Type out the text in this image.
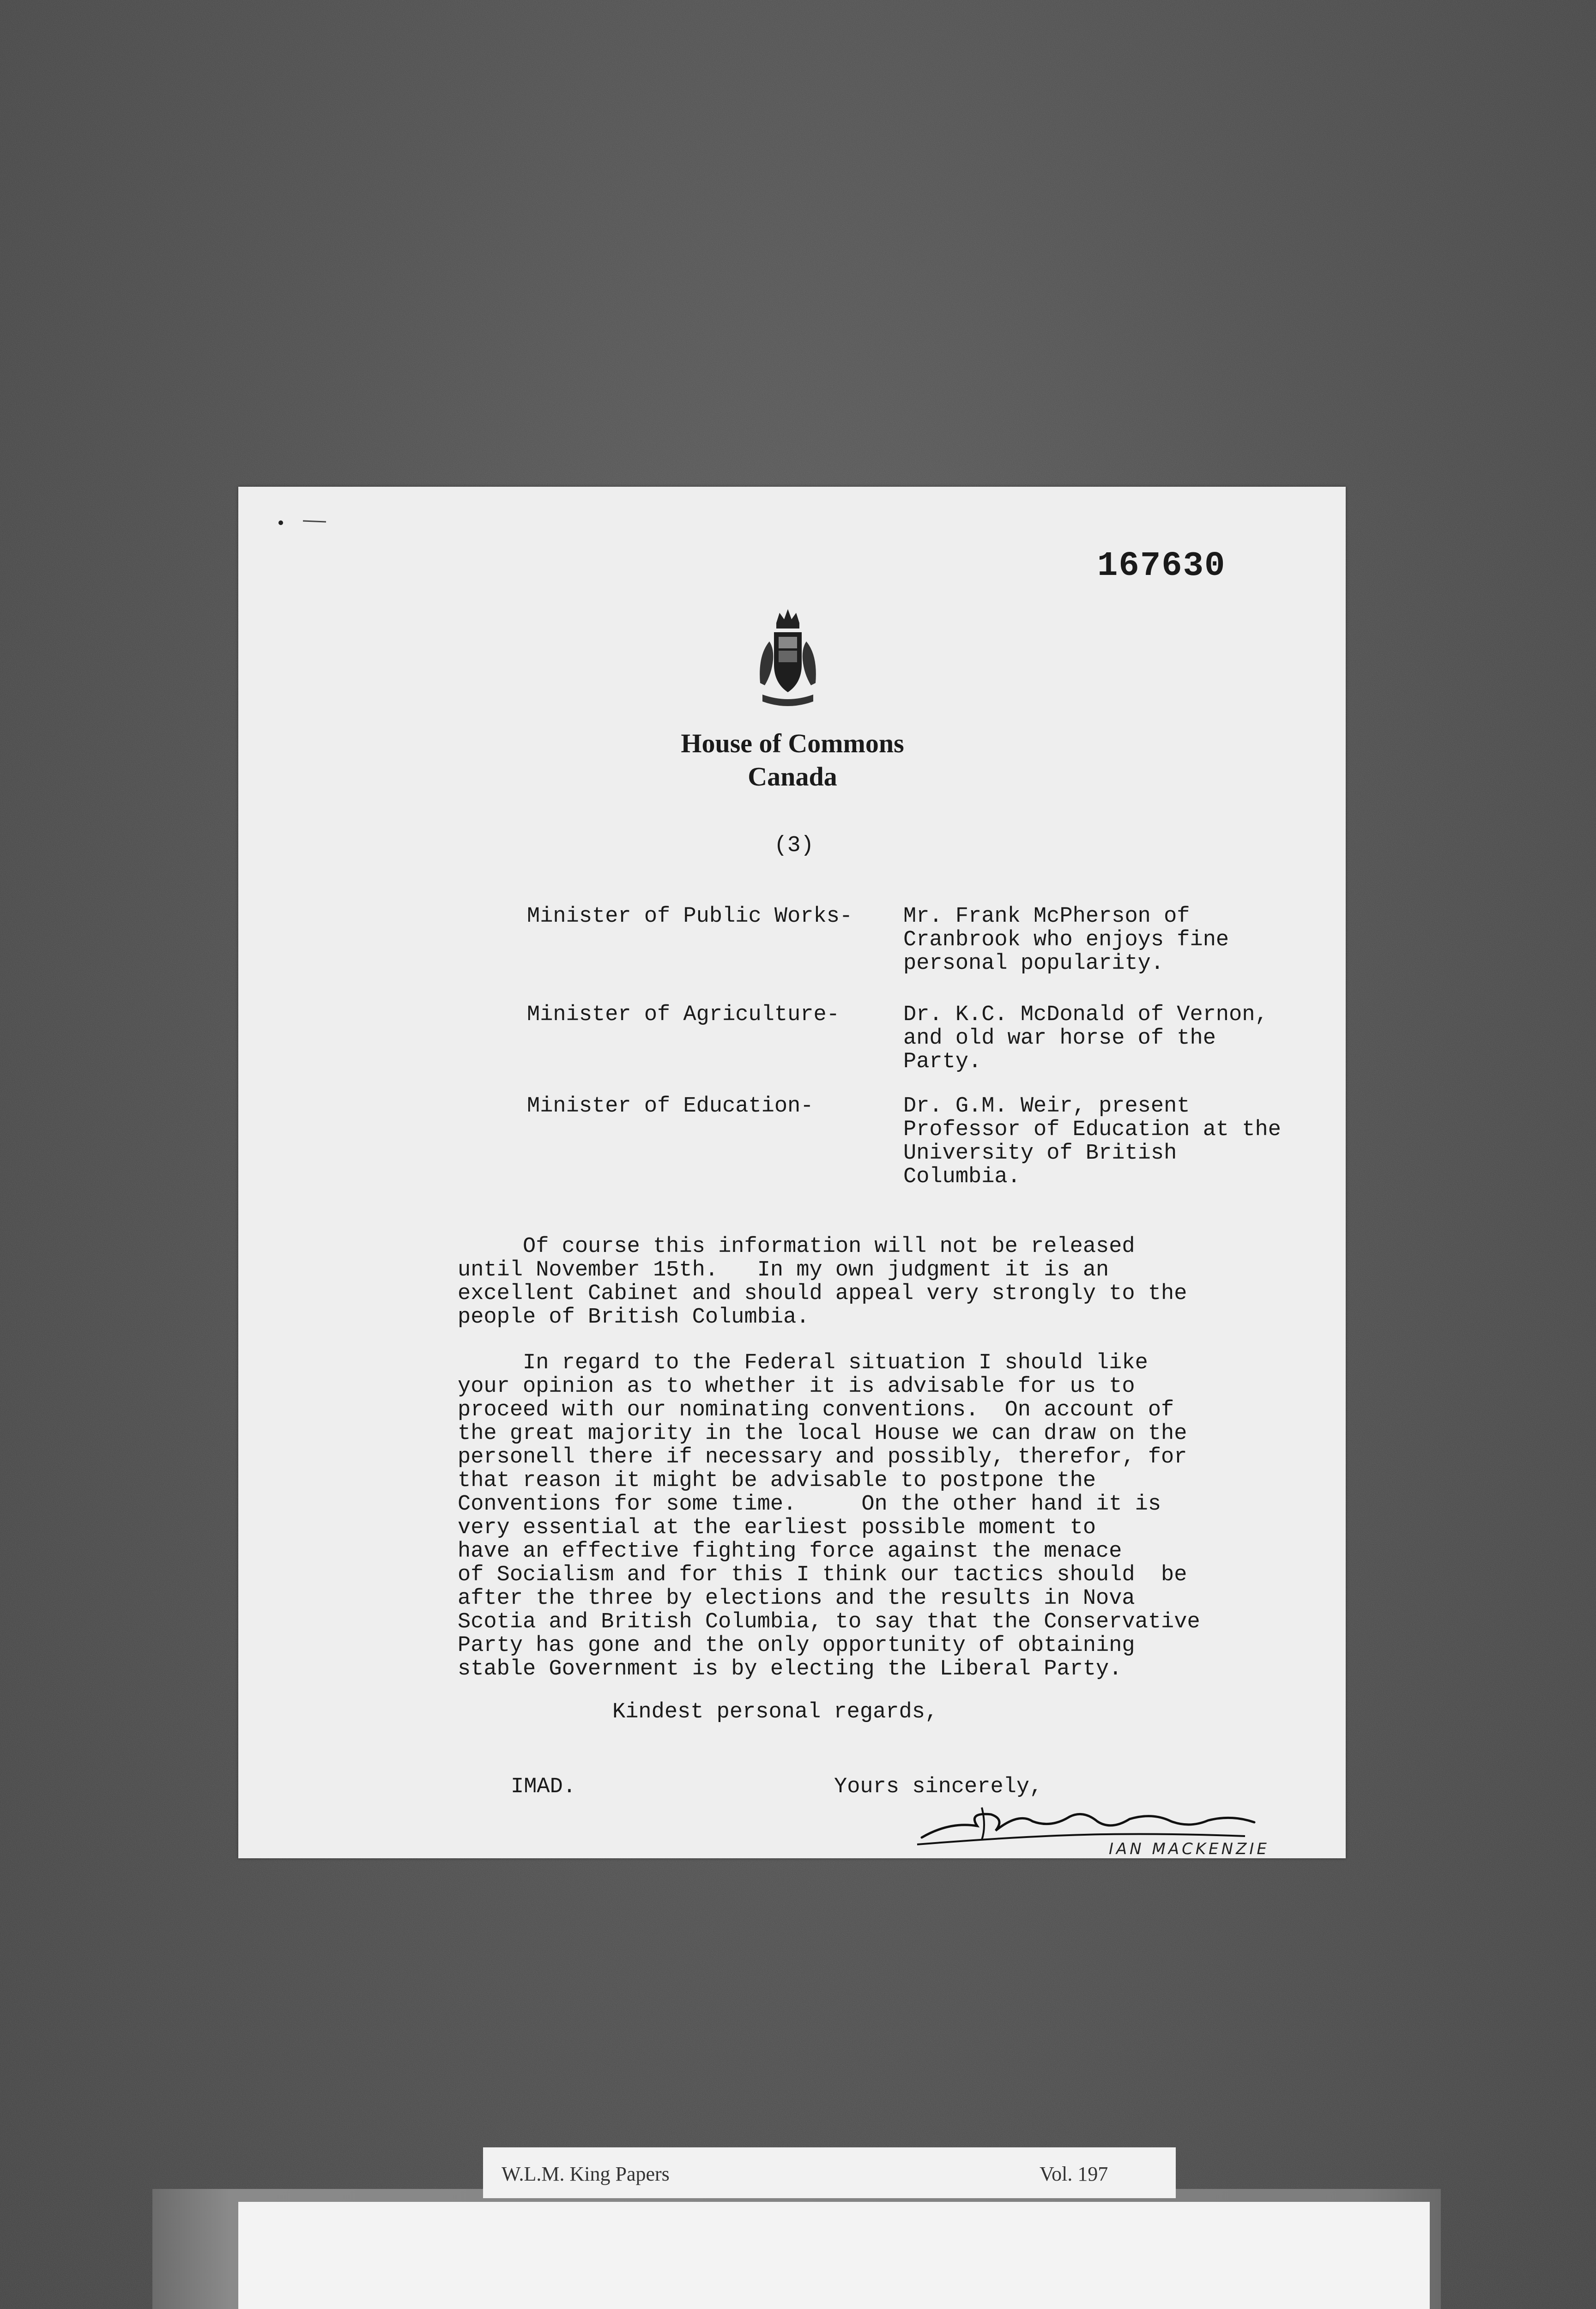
167630
House of Commons
Canada
(3)
Minister of Public Works- Mr. Frank McPherson of
Cranbrook who enjoys fine
personal popularity.
Minister of Agriculture-	Dr. K.C. McDonald of Vernon,
and old war horse of the
Party.
Minister of Education-	Dr. G.M. Weir, present
Professor of Education at the
University of British
Columbia.
Of course this information will not be released
until November 15th.   In my own judgment it is an
excellent Cabinet and should appeal very strongly to the
people of British Columbia.
In regard to the Federal situation I should like
your opinion as to whether it is advisable for us to
proceed with our nominating conventions.  On account of
the great majority in the local House we can draw on the
personell there if necessary and possibly, therefor, for
that reason it might be advisable to postpone the
Conventions for some time.     On the other hand it is
very essential at the earliest possible moment to
have an effective fighting force against the menace
of Socialism and for this I think our tactics should  be
after the three by elections and the results in Nova
Scotia and British Columbia, to say that the Conservative
Party has gone and the only opportunity of obtaining
stable Government is by electing the Liberal Party.
Kindest personal regards,
IMAD.	Yours sincerely,
IAN MACKENZIE
W.L.M. King Papers	Vol. 197
